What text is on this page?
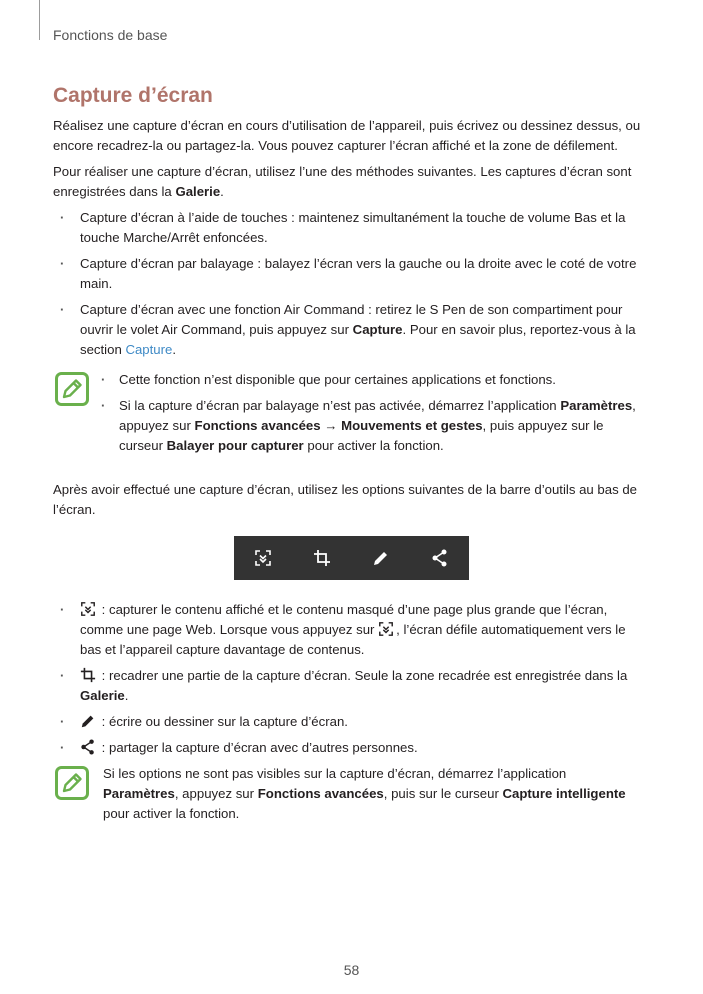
Fonctions de base
Capture d’écran

Réalisez une capture d’écran en cours d’utilisation de l’appareil, puis écrivez ou dessinez dessus, ou encore recadrez-la ou partagez-la. Vous pouvez capturer l’écran affiché et la zone de défilement.

Pour réaliser une capture d’écran, utilisez l’une des méthodes suivantes. Les captures d’écran sont enregistrées dans la Galerie.

· Capture d’écran à l’aide de touches : maintenez simultanément la touche de volume Bas et la touche Marche/Arrêt enfoncées.
· Capture d’écran par balayage : balayez l’écran vers la gauche ou la droite avec le coté de votre main.
· Capture d’écran avec une fonction Air Command : retirez le S Pen de son compartiment pour ouvrir le volet Air Command, puis appuyez sur Capture. Pour en savoir plus, reportez-vous à la section Capture.
· Cette fonction n’est disponible que pour certaines applications et fonctions.
· Si la capture d’écran par balayage n’est pas activée, démarrez l’application Paramètres, appuyez sur Fonctions avancées → Mouvements et gestes, puis appuyez sur le curseur Balayer pour capturer pour activer la fonction.

Après avoir effectué une capture d’écran, utilisez les options suivantes de la barre d’outils au bas de l’écran.

· : capturer le contenu affiché et le contenu masqué d’une page plus grande que l’écran, comme une page Web. Lorsque vous appuyez sur , l’écran défile automatiquement vers le bas et l’appareil capture davantage de contenus.
· : recadrer une partie de la capture d’écran. Seule la zone recadrée est enregistrée dans la Galerie.
· : écrire ou dessiner sur la capture d’écran.
· : partager la capture d’écran avec d’autres personnes.

Si les options ne sont pas visibles sur la capture d’écran, démarrez l’application Paramètres, appuyez sur Fonctions avancées, puis sur le curseur Capture intelligente pour activer la fonction.

58
